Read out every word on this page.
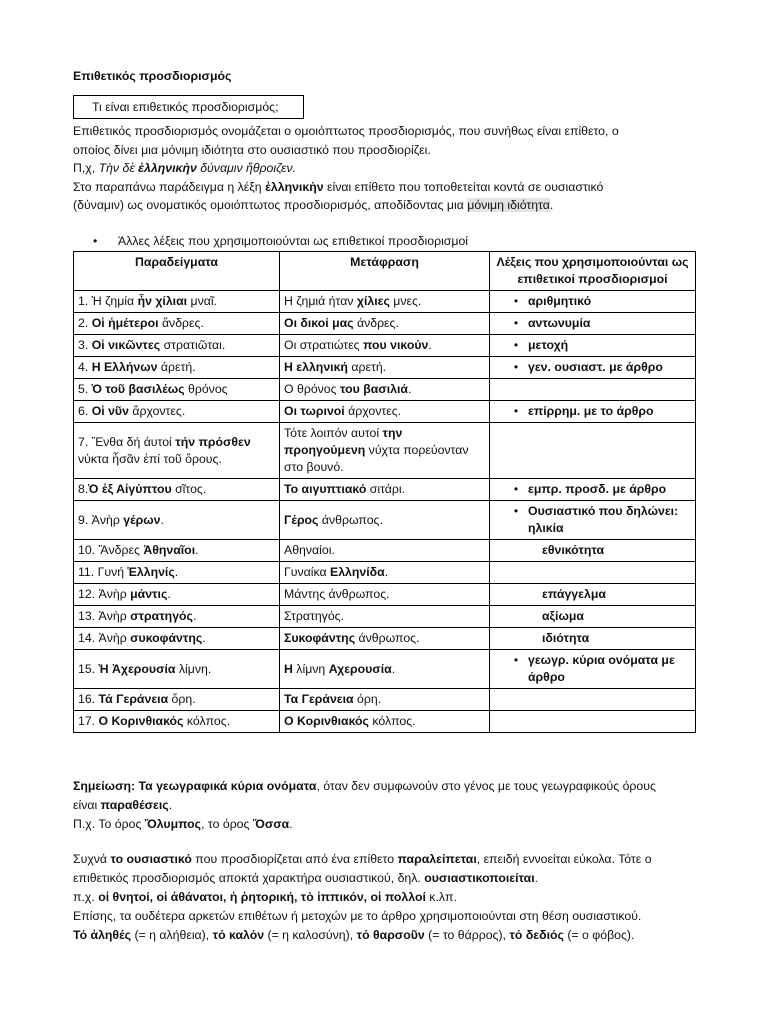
Επιθετικός προσδιορισμός
Τι είναι επιθετικός προσδιορισμός;
Επιθετικός προσδιορισμός ονομάζεται ο ομοιόπτωτος προσδιορισμός, που συνήθως είναι επίθετο, ο
οποίος δίνει μια μόνιμη ιδιότητα στο ουσιαστικό που προσδιορίζει.
Π,χ, Τὴν δὲ ἐλληνικὴν δύναμιν ἤθροιζεν.
Στο παραπάνω παράδειγμα η λέξη ἐλληνικὴν είναι επίθετο που τοποθετείται κοντά σε ουσιαστικό
(δύναμιν) ως ονοματικός ομοιόπτωτος προσδιορισμός, αποδίδοντας μια μόνιμη ιδιότητα.
• Άλλες λέξεις που χρησιμοποιούνται ως επιθετικοί προσδιορισμοί
Παραδείγματα	Μετάφραση	Λέξεις που χρησιμοποιούνται ως επιθετικοί προσδιορισμοί
1. Ἡ ζημία ἦν χίλιαι μναῖ.	Η ζημιά ήταν χίλιες μνες.	• αριθμητικό

2. Οἱ ἡμέτεροι ἄνδρες.	Οι δικοί μας άνδρες.	• αντωνυμία

3. Οἱ νικῶντες στρατιῶται.	Οι στρατιώτες που νικούν.	• μετοχή

4. Η Ελλήνων άρετή.	Η ελληνική αρετή.	• γεν. ουσιαστ. με άρθρο

5. Ὁ τοῦ βασιλέως θρόνος	Ο θρόνος του βασιλιά.	
6. Οἱ νῦν ἄρχοντες.	Οι τωρινοί άρχοντες.	• επίρρημ. με το άρθρο

7. Ἔνθα δή άυτοί τήν πρόσθεν νύκτα ἦσᾶν ἐπί τοῦ ὄρους.	Τότε λοιπόν αυτοί την προηγούμενη νύχτα πορεύονταν στο βουνό.	
8.Ὁ ἐξ Αἰγύπτου σῖτος.	Το αιγυπτιακό σιτάρι.	• εμπρ. προσδ. με άρθρο

9. Ἀνὴρ γέρων.	Γέρος άνθρωπος.	• Ουσιαστικό που δηλώνει: ηλικία

10. Ἄνδρες Ἀθηναῖοι.	Αθηναίοι.	εθνικότητα

11. Γυνή Ἑλληνίς.	Γυναίκα Ελληνίδα.	
12. Ἀνὴρ μάντις.	Μάντης άνθρωπος.	επάγγελμα

13. Ἀνὴρ στρατηγός.	Στρατηγός.	αξίωμα

14. Ἀνὴρ συκοφάντης.	Συκοφάντης άνθρωπος.	ιδιότητα

15. Ἡ Ἀχερουσία λίμνη.	Η λίμνη Αχερουσία.	• γεωγρ. κύρια ονόματα με άρθρο

16. Τά Γεράνεια ὄρη.	Τα Γεράνεια όρη.	
17. Ο Κορινθιακός κόλπος.	Ο Κορινθιακός κόλπος.	
Σημείωση: Τα γεωγραφικά κύρια ονόματα, όταν δεν συμφωνούν στο γένος με τους γεωγραφικούς όρους
είναι παραθέσεις.
Π.χ. Το όρος Ὄλυμπος, το όρος Ὄσσα.
Συχνά το ουσιαστικό που προσδιορίζεται από ένα επίθετο παραλείπεται, επειδή εννοείται εύκολα. Τότε ο
επιθετικός προσδιορισμός αποκτά χαρακτήρα ουσιαστικού, δηλ. ουσιαστικοποιείται.
π.χ. οἱ θνητοί, οἱ ἀθάνατοι, ἡ ῥητορική, τὸ ἱππικόν, οἱ πολλοί κ.λπ.
Επίσης, τα ουδέτερα αρκετών επιθέτων ή μετοχών με το άρθρο χρησιμοποιούνται στη θέση ουσιαστικού.
Τό ἀληθές (= η αλήθεια), τό καλόν (= η καλοσύνη), τό θαρσοῦν (= το θάρρος), τό δεδιός (= ο φόβος).
